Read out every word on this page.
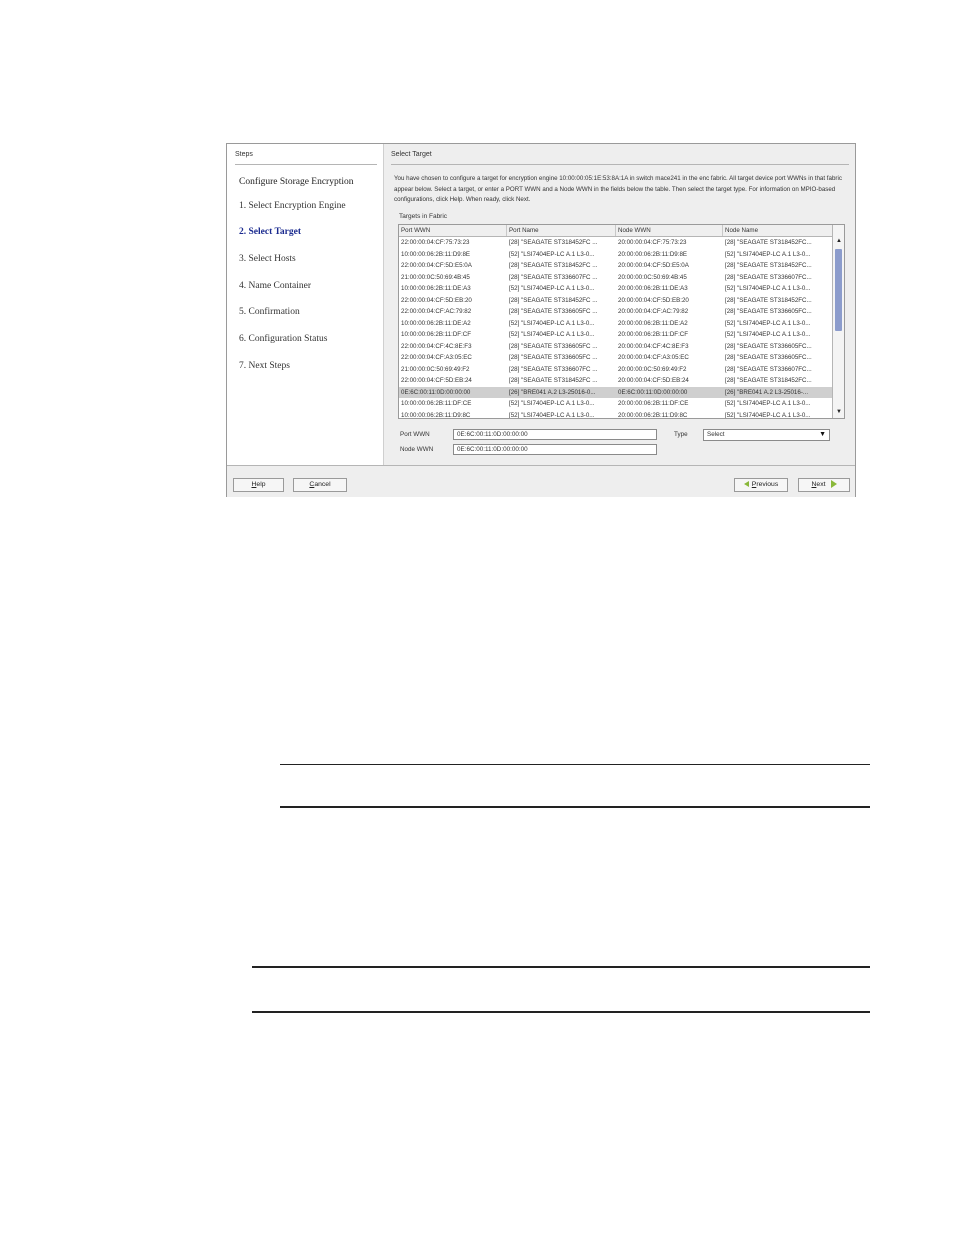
Steps
Configure Storage Encryption
1. Select Encryption Engine
2. Select Target
3. Select Hosts
4. Name Container
5. Confirmation
6. Configuration Status
7. Next Steps
Select Target
You have chosen to configure a target for encryption engine 10:00:00:05:1E:53:8A:1A in switch mace241 in the enc fabric. All target device port WWNs in that fabric appear below. Select a target, or enter a PORT WWN and a Node WWN in the fields below the table. Then select the target type. For information on MPIO-based configurations, click Help. When ready, click Next.
Targets in Fabric
Port WWN	Port Name	Node WWN	Node Name
22:00:00:04:CF:75:73:23	[28] "SEAGATE ST318452FC ...	20:00:00:04:CF:75:73:23	[28] "SEAGATE ST318452FC...
10:00:00:06:2B:11:D9:8E	[52] "LSI7404EP-LC A.1 L3-0...	20:00:00:06:2B:11:D9:8E	[52] "LSI7404EP-LC A.1 L3-0...
22:00:00:04:CF:5D:E5:0A	[28] "SEAGATE ST318452FC ...	20:00:00:04:CF:5D:E5:0A	[28] "SEAGATE ST318452FC...
21:00:00:0C:50:69:4B:45	[28] "SEAGATE ST336607FC ...	20:00:00:0C:50:69:4B:45	[28] "SEAGATE ST336607FC...
10:00:00:06:2B:11:DE:A3	[52] "LSI7404EP-LC A.1 L3-0...	20:00:00:06:2B:11:DE:A3	[52] "LSI7404EP-LC A.1 L3-0...
22:00:00:04:CF:5D:EB:20	[28] "SEAGATE ST318452FC ...	20:00:00:04:CF:5D:EB:20	[28] "SEAGATE ST318452FC...
22:00:00:04:CF:AC:79:82	[28] "SEAGATE ST336605FC ...	20:00:00:04:CF:AC:79:82	[28] "SEAGATE ST336605FC...
10:00:00:06:2B:11:DE:A2	[52] "LSI7404EP-LC A.1 L3-0...	20:00:00:06:2B:11:DE:A2	[52] "LSI7404EP-LC A.1 L3-0...
10:00:00:06:2B:11:DF:CF	[52] "LSI7404EP-LC A.1 L3-0...	20:00:00:06:2B:11:DF:CF	[52] "LSI7404EP-LC A.1 L3-0...
22:00:00:04:CF:4C:8E:F3	[28] "SEAGATE ST336605FC ...	20:00:00:04:CF:4C:8E:F3	[28] "SEAGATE ST336605FC...
22:00:00:04:CF:A3:05:EC	[28] "SEAGATE ST336605FC ...	20:00:00:04:CF:A3:05:EC	[28] "SEAGATE ST336605FC...
21:00:00:0C:50:69:49:F2	[28] "SEAGATE ST336607FC ...	20:00:00:0C:50:69:49:F2	[28] "SEAGATE ST336607FC...
22:00:00:04:CF:5D:EB:24	[28] "SEAGATE ST318452FC ...	20:00:00:04:CF:5D:EB:24	[28] "SEAGATE ST318452FC...
0E:6C:00:11:0D:00:00:00	[26] "BRE041 A.2 L3-25016-0...	0E:6C:00:11:0D:00:00:00	[26] "BRE041 A.2 L3-25016-...
10:00:00:06:2B:11:DF:CE	[52] "LSI7404EP-LC A.1 L3-0...	20:00:00:06:2B:11:DF:CE	[52] "LSI7404EP-LC A.1 L3-0...
10:00:00:06:2B:11:D9:8C	[52] "LSI7404EP-LC A.1 L3-0...	20:00:00:06:2B:11:D9:8C	[52] "LSI7404EP-LC A.1 L3-0...
▲
▼
Port WWN	0E:6C:00:11:0D:00:00:00	Type	Select	▼
Node WWN	0E:6C:00:11:0D:00:00:00
Help	Cancel	Previous	Next
